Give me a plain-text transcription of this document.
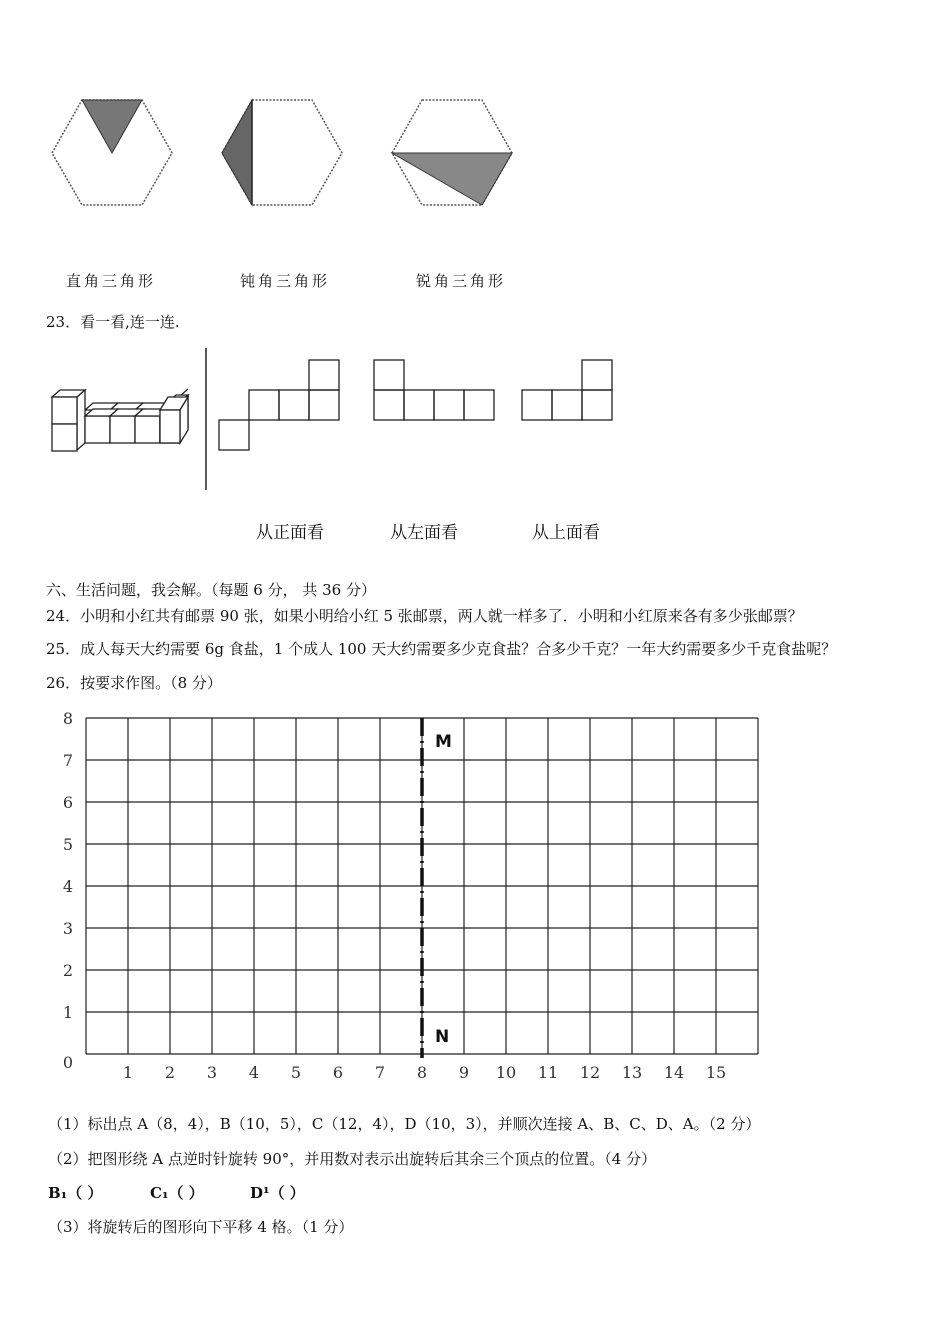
直角三角形	钝角三角形	锐角三角形
23．看一看,连一连.
从正面看	从左面看	从上面看
六、生活问题，我会解。（每题 6 分， 共 36 分）
24．小明和小红共有邮票 90 张，如果小明给小红 5 张邮票，两人就一样多了．小明和小红原来各有多少张邮票？
25．成人每天大约需要 6g 食盐，1 个成人 100 天大约需要多少克食盐？合多少千克？一年大约需要多少千克食盐呢？
26．按要求作图。（8 分）
1 2 3 4 5 6 7 8 9 10 11 12 13 14 15
0
1
2
3
4
5
6
7
8
M
N
（1）标出点 A（8，4），B（10，5），C（12，4），D（10，3），并顺次连接 A、B、C、D、A。（2 分）
（2）把图形绕 A 点逆时针旋转 90°，并用数对表示出旋转后其余三个顶点的位置。（4 分）
B₁（ ）	C₁（ ）	D¹（ ）
（3）将旋转后的图形向下平移 4 格。（1 分）
